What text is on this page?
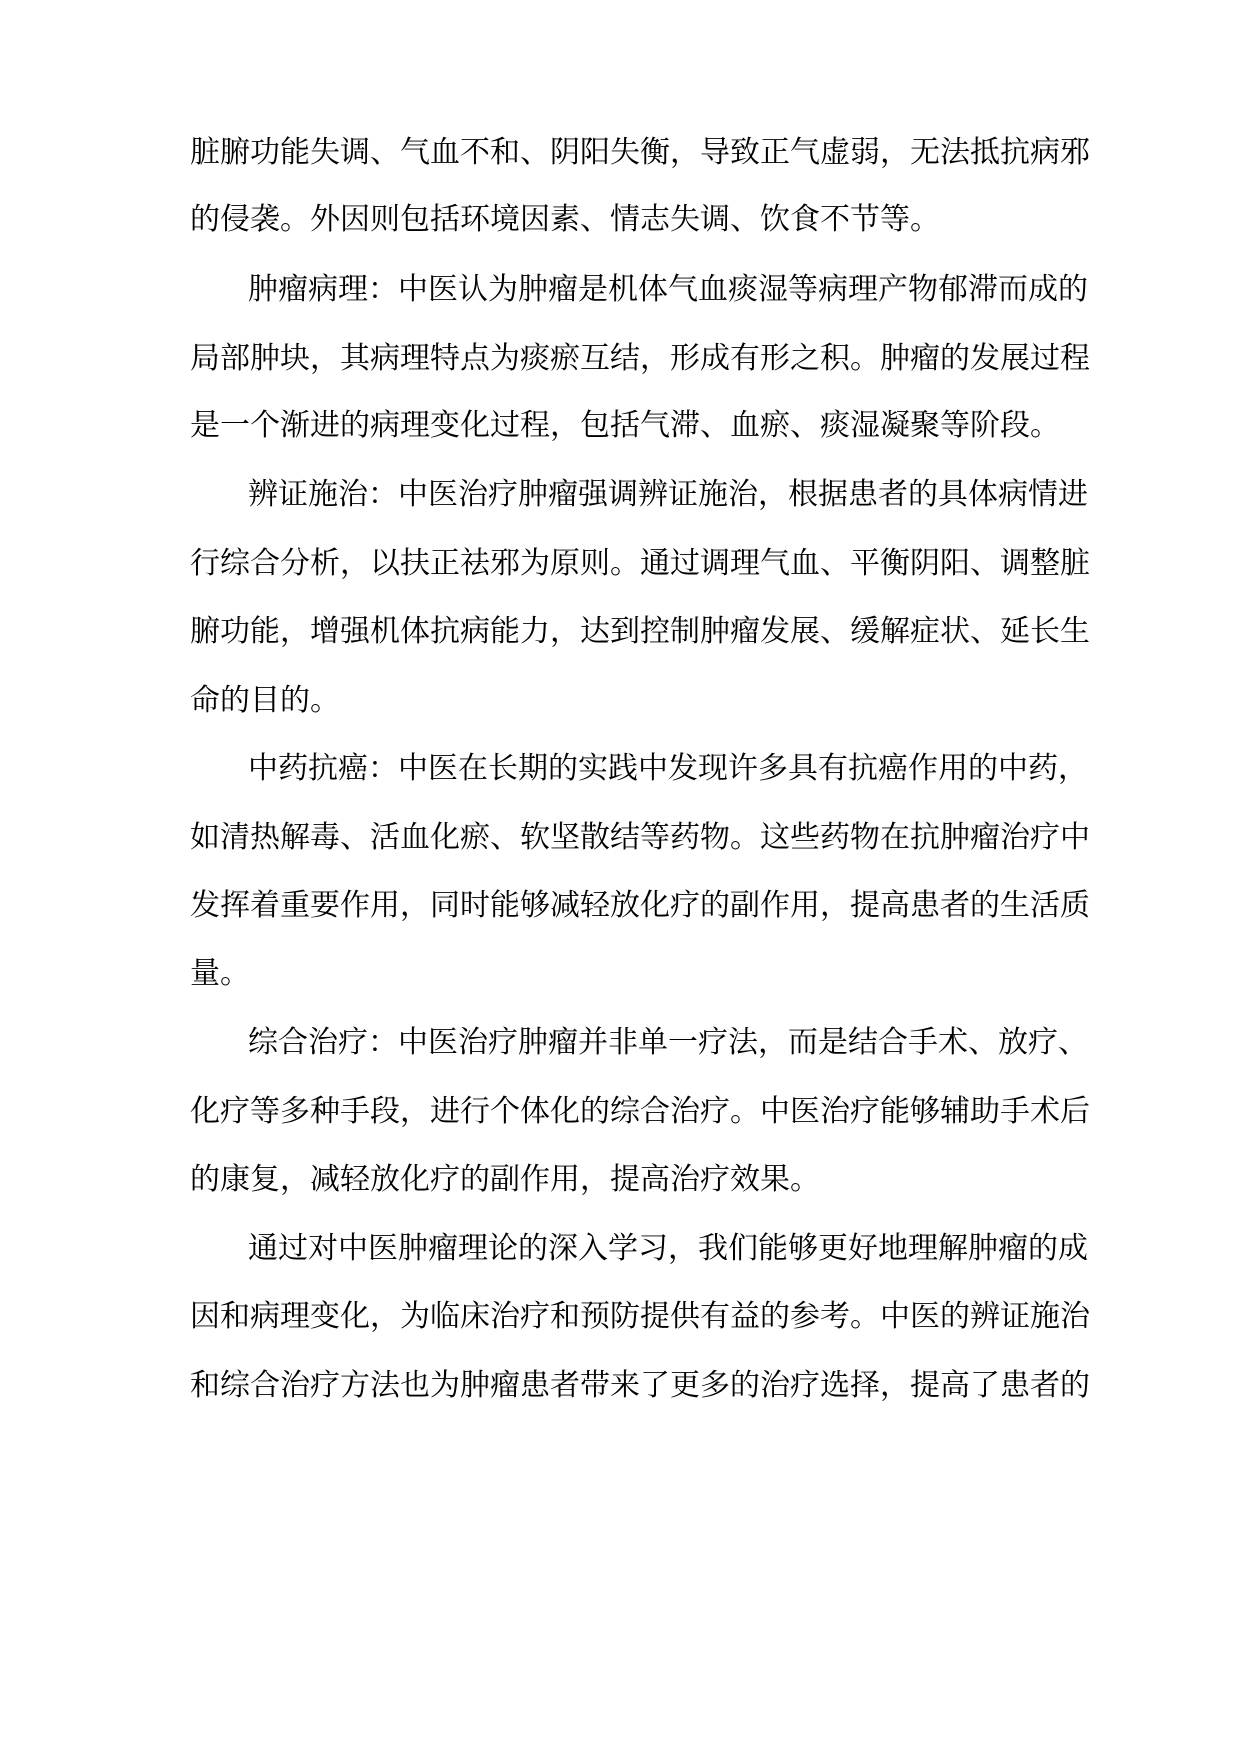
脏腑功能失调、气血不和、阴阳失衡，导致正气虚弱，无法抵抗病邪
的侵袭。外因则包括环境因素、情志失调、饮食不节等。
肿瘤病理：中医认为肿瘤是机体气血痰湿等病理产物郁滞而成的
局部肿块，其病理特点为痰瘀互结，形成有形之积。肿瘤的发展过程
是一个渐进的病理变化过程，包括气滞、血瘀、痰湿凝聚等阶段。
辨证施治：中医治疗肿瘤强调辨证施治，根据患者的具体病情进
行综合分析，以扶正祛邪为原则。通过调理气血、平衡阴阳、调整脏
腑功能，增强机体抗病能力，达到控制肿瘤发展、缓解症状、延长生
命的目的。
中药抗癌：中医在长期的实践中发现许多具有抗癌作用的中药，
如清热解毒、活血化瘀、软坚散结等药物。这些药物在抗肿瘤治疗中
发挥着重要作用，同时能够减轻放化疗的副作用，提高患者的生活质
量。
综合治疗：中医治疗肿瘤并非单一疗法，而是结合手术、放疗、
化疗等多种手段，进行个体化的综合治疗。中医治疗能够辅助手术后
的康复，减轻放化疗的副作用，提高治疗效果。
通过对中医肿瘤理论的深入学习，我们能够更好地理解肿瘤的成
因和病理变化，为临床治疗和预防提供有益的参考。中医的辨证施治
和综合治疗方法也为肿瘤患者带来了更多的治疗选择，提高了患者的
